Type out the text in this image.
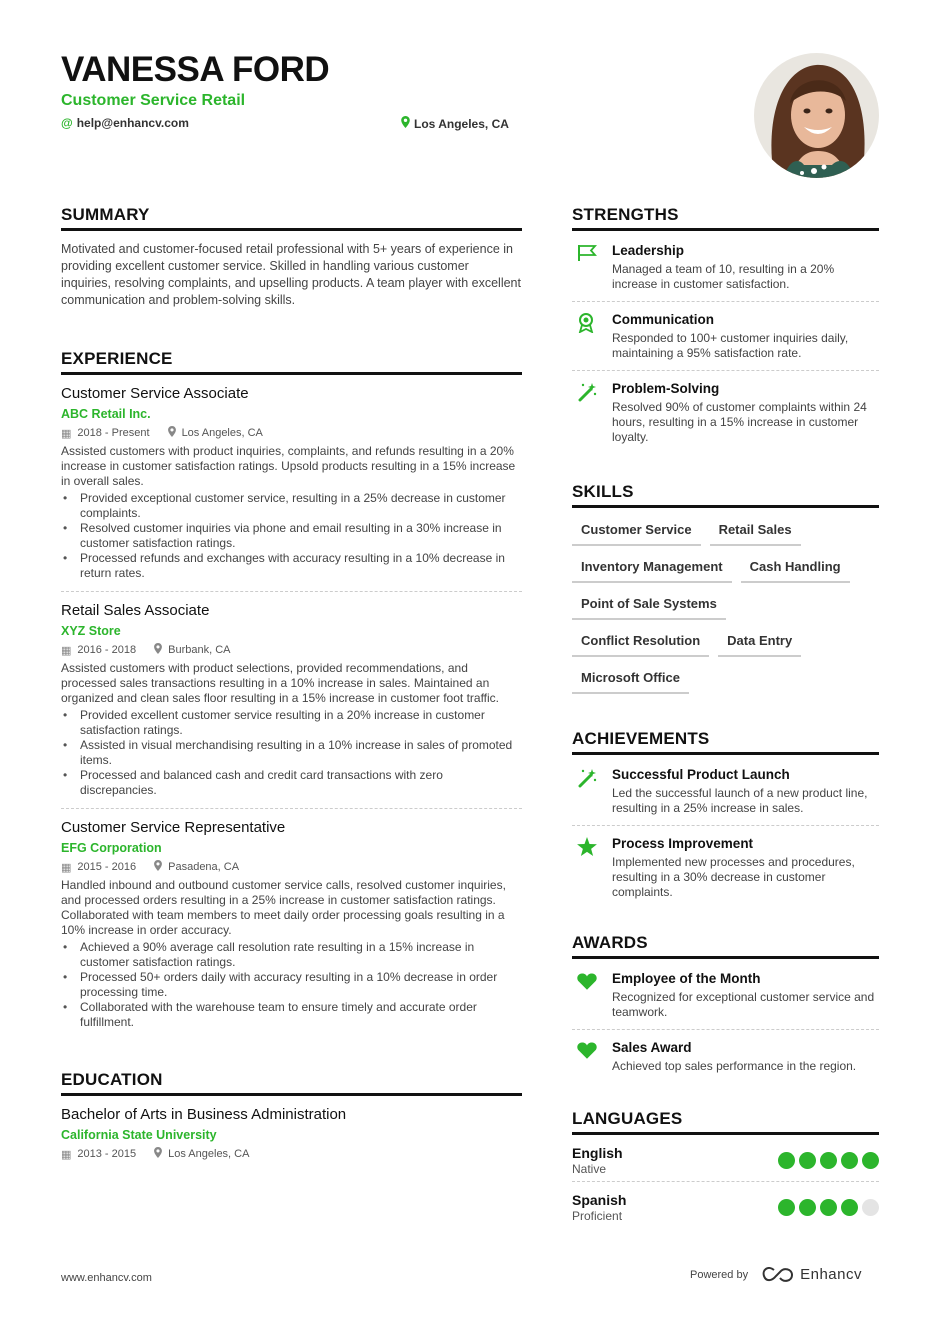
VANESSA FORD
Customer Service Retail
@ help@enhancv.com	Los Angeles, CA
SUMMARY
Motivated and customer-focused retail professional with 5+ years of experience in providing excellent customer service. Skilled in handling various customer inquiries, resolving complaints, and upselling products. A team player with excellent communication and problem-solving skills.
EXPERIENCE
Customer Service Associate
ABC Retail Inc.
▦ 2018 - Present	Los Angeles, CA
Assisted customers with product inquiries, complaints, and refunds resulting in a 20% increase in customer satisfaction ratings. Upsold products resulting in a 15% increase in overall sales.
• Provided exceptional customer service, resulting in a 25% decrease in customer complaints.
• Resolved customer inquiries via phone and email resulting in a 30% increase in customer satisfaction ratings.
• Processed refunds and exchanges with accuracy resulting in a 10% decrease in return rates.
Retail Sales Associate
XYZ Store
▦ 2016 - 2018	Burbank, CA
Assisted customers with product selections, provided recommendations, and processed sales transactions resulting in a 10% increase in sales. Maintained an organized and clean sales floor resulting in a 15% increase in customer foot traffic.
• Provided excellent customer service resulting in a 20% increase in customer satisfaction ratings.
• Assisted in visual merchandising resulting in a 10% increase in sales of promoted items.
• Processed and balanced cash and credit card transactions with zero discrepancies.
Customer Service Representative
EFG Corporation
▦ 2015 - 2016	Pasadena, CA
Handled inbound and outbound customer service calls, resolved customer inquiries, and processed orders resulting in a 25% increase in customer satisfaction ratings. Collaborated with team members to meet daily order processing goals resulting in a 10% increase in order accuracy.
• Achieved a 90% average call resolution rate resulting in a 15% increase in customer satisfaction ratings.
• Processed 50+ orders daily with accuracy resulting in a 10% decrease in order processing time.
• Collaborated with the warehouse team to ensure timely and accurate order fulfillment.
EDUCATION
Bachelor of Arts in Business Administration
California State University
▦ 2013 - 2015	Los Angeles, CA
STRENGTHS
Leadership
Managed a team of 10, resulting in a 20% increase in customer satisfaction.
Communication
Responded to 100+ customer inquiries daily, maintaining a 95% satisfaction rate.
Problem-Solving
Resolved 90% of customer complaints within 24 hours, resulting in a 15% increase in customer loyalty.
SKILLS
Customer Service	Retail Sales
Inventory Management	Cash Handling
Point of Sale Systems
Conflict Resolution	Data Entry
Microsoft Office
ACHIEVEMENTS
Successful Product Launch
Led the successful launch of a new product line, resulting in a 25% increase in sales.
Process Improvement
Implemented new processes and procedures, resulting in a 30% decrease in customer complaints.
AWARDS
Employee of the Month
Recognized for exceptional customer service and teamwork.
Sales Award
Achieved top sales performance in the region.
LANGUAGES
English
Native
Spanish
Proficient
www.enhancv.com	Powered by	Enhancv
